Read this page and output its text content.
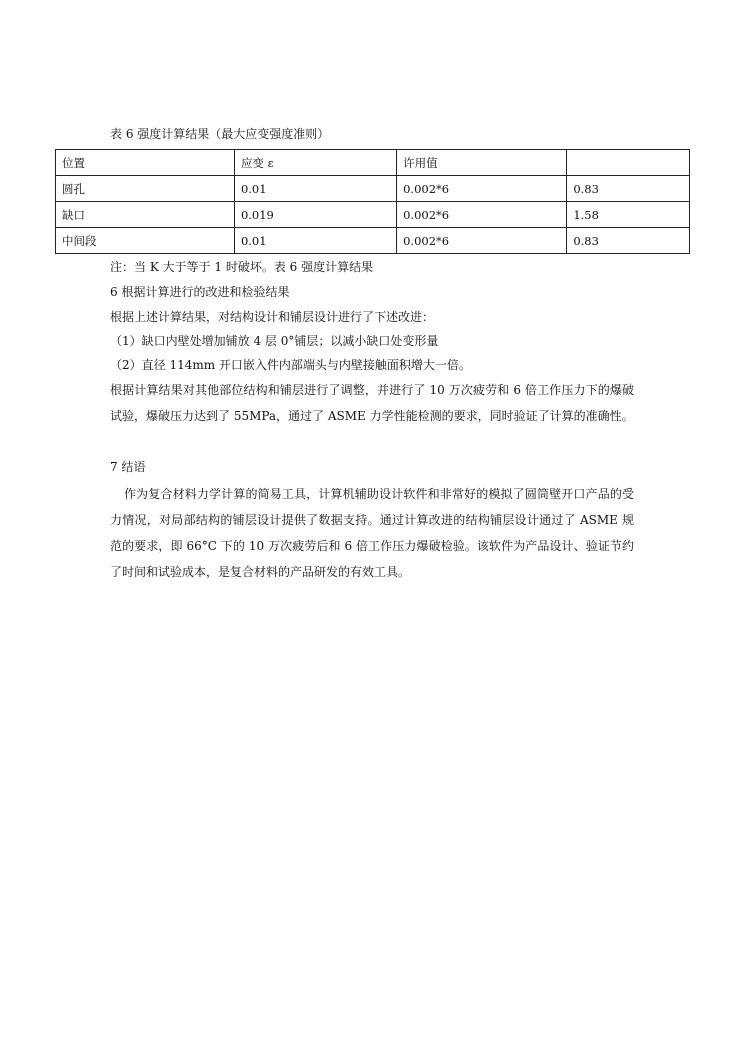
表 6 强度计算结果（最大应变强度准则）
位置	应变 ε	许用值	
圆孔	0.01	0.002*6	0.83
缺口	0.019	0.002*6	1.58
中间段	0.01	0.002*6	0.83
注：当 K 大于等于 1 时破坏。表 6 强度计算结果
6 根据计算进行的改进和检验结果
根据上述计算结果，对结构设计和铺层设计进行了下述改进：
（1）缺口内壁处增加铺放 4 层 0°铺层；以减小缺口处变形量
（2）直径 114mm 开口嵌入件内部端头与内壁接触面积增大一倍。
根据计算结果对其他部位结构和铺层进行了调整，并进行了 10 万次疲劳和 6 倍工作压力下的爆破试验，爆破压力达到了 55MPa，通过了 ASME 力学性能检测的要求，同时验证了计算的准确性。
7 结语
作为复合材料力学计算的简易工具，计算机辅助设计软件和非常好的模拟了圆筒壁开口产品的受力情况，对局部结构的铺层设计提供了数据支持。通过计算改进的结构铺层设计通过了 ASME 规范的要求，即 66°C 下的 10 万次疲劳后和 6 倍工作压力爆破检验。该软件为产品设计、验证节约了时间和试验成本，是复合材料的产品研发的有效工具。
